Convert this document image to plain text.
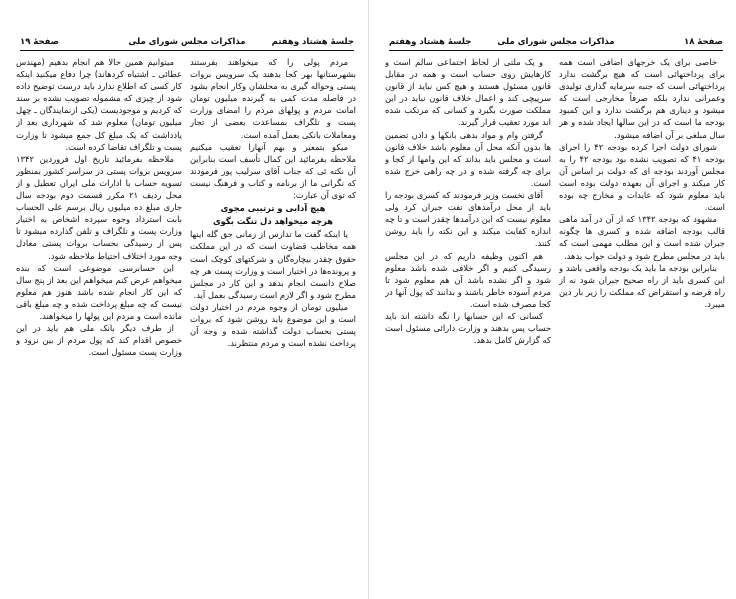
جلسهٔ هشتاد وهفتم
مذاکرات مجلس شورای ملی
صفحهٔ ۱۹

مردم پولی را که میخواهند بفرستند بشهرستانها بهر کجا بدهند یک سرویس بروات پستی وحواله گیری به محلشان وکار انجام بشود در فاصله مدت کمی به گیرنده میلیون تومان امانت مردم و پولهای مردم را امضای وزارت پست و تلگراف بمساعدت بعضی از تجار ومعاملات بانکی بعمل آمده است.

میکو بتمعیر و بهم آنهارا تعقیب میکنیم ملاحظه بفرمائید این کمال تأسف است بنابراین آن نکته ئی که جناب آقای سرلیب پور فرمودند که نگرانی ما از برنامه و کتاب و فرهنگ نیست که توی آن عبارت:

هیچ آدابی و ترتیبی مجوی

هرچه میخواهد دل تنگت بگوی

یا اینکه گفت ما تدارس از زمانی حق گله اینها همه مخاطب قضاوت است که در این مملکت حقوق چقدر بیچاره‌گان و شرکتهای کوچک است و پرونده‌ها در اختیار است و وزارت پست هر چه صلاح دانست انجام بدهد و این کار در مجلس مطرح شود و اگر لازم است رسیدگی بعمل آید.

میلیون تومان از وجوه مردم در اختیار دولت است و این موضوع باید روشن شود که بروات پستی بحساب دولت گذاشته شده و وجه آن پرداخت نشده است و مردم منتظرند.

میتوانیم همین حالا هم انجام بدهیم (مهندس عطائی ـ اشتباه کردهاند) چرا دفاع میکنید اینکه کار کسی که اطلاع ندارد باید درست توضیح داده شود از چیزی که مشموله تصویب نشده بر سند که کردیم و موجودیست (یکی ازنمایندگان ـ چهل میلیون تومان) معلوم شد که شهرداری بعد از یادداشت که یک مبلغ کل جمع میشود تا وزارت پست و تلگراف تقاضا کرده است.

ملاحظه بفرمائید تاریخ اول فروردین ۱۳۴۲ سرویس بروات پستی در سراسر کشور بمنظور تسویه حساب با ادارات ملی ایران تعطیل و از محل ردیف ۲۱ مکرر قسمت دوم بودجه سال جاری مبلغ ده میلیون ریال برسم علی الحساب بابت استرداد وجوه سپرده اشخاص به اختیار وزارت پست و تلگراف و تلفن گذارده میشود تا پس از رسیدگی بحساب بروات پستی معادل وجه مورد اختلاف احتیاط ملاحظه شود.

این حسابرسی موضوعی است که بنده میخواهم عرض کنم میخواهم این بعد از پنج سال که این کار انجام شده باشد هنوز هم معلوم نیست که چه مبلغ پرداخت شده و چه مبلغ باقی مانده است و مردم این پولها را میخواهند.

از طرف دیگر بانک ملی هم باید در این خصوص اقدام کند که پول مردم از بین نرود و وزارت پست مسئول است.

صفحهٔ ۱۸
مذاکرات مجلس شورای ملی
جلسهٔ هشتاد وهفتم

خاصی برای یک خرجهای اضافی است همه برای پرداختهائی است که هیچ برگشت ندارد پرداختهائی است که جنبه سرمایه گذاری تولیدی وعمرانی ندارد بلکه صرفاً مخارجی است که میشود و دیناری هم برگشت ندارد و این کمبود بودجه ما است که در این سالها ایجاد شده و هر سال مبلغی بر آن اضافه میشود.

شورای دولت اجرا کرده بودجه ۴۲ را اجرای بودجه ۴۱ که تصویب نشده بود بودجه ۴۲ را به مجلس آوردند بودجه ای که دولت بر اساس آن کار میکند و اجرای آن بعهده دولت بوده است باید معلوم شود که عایدات و مخارج چه بوده است.

مشهود که بودجه ۱۳۴۲ که از آن در آمد ماهی قالب بودجه اضافه شده و کسری ها چگونه جبران شده است و این مطلب مهمی است که باید در مجلس مطرح شود و دولت جواب بدهد.

بنابراین بودجه ما باید یک بودجه واقعی باشد و این کسری باید از راه صحیح جبران شود نه از راه قرضه و استقراض که مملکت را زیر بار دین میبرد.

و یک ملتی از لحاظ اجتماعی سالم است و کارهایش روی حساب است و همه در مقابل قانون مسئول هستند و هیچ کس نباید از قانون سرپیچی کند و اعمال خلاف قانون نباید در این مملکت صورت بگیرد و کسانی که مرتکب شده اند مورد تعقیب قرار گیرند.

گرفتن وام و مواد بدهی بانکها و دادن تضمین ها بدون آنکه محل آن معلوم باشد خلاف قانون است و مجلس باید بداند که این وامها از کجا و برای چه گرفته شده و در چه راهی خرج شده است.

آقای نخست وزیر فرمودند که کسری بودجه را باید از محل درآمدهای نفت جبران کرد ولی معلوم نیست که این درآمدها چقدر است و تا چه اندازه کفایت میکند و این نکته را باید روشن کنند.

هم اکنون وظیفه داریم که در این مجلس رسیدگی کنیم و اگر خلافی شده باشد معلوم شود و اگر نشده باشد آن هم معلوم شود تا مردم آسوده خاطر باشند و بدانند که پول آنها در کجا مصرف شده است.

کسانی که این حسابها را نگه داشته اند باید حساب پس بدهند و وزارت دارائی مسئول است که گزارش کامل بدهد.
